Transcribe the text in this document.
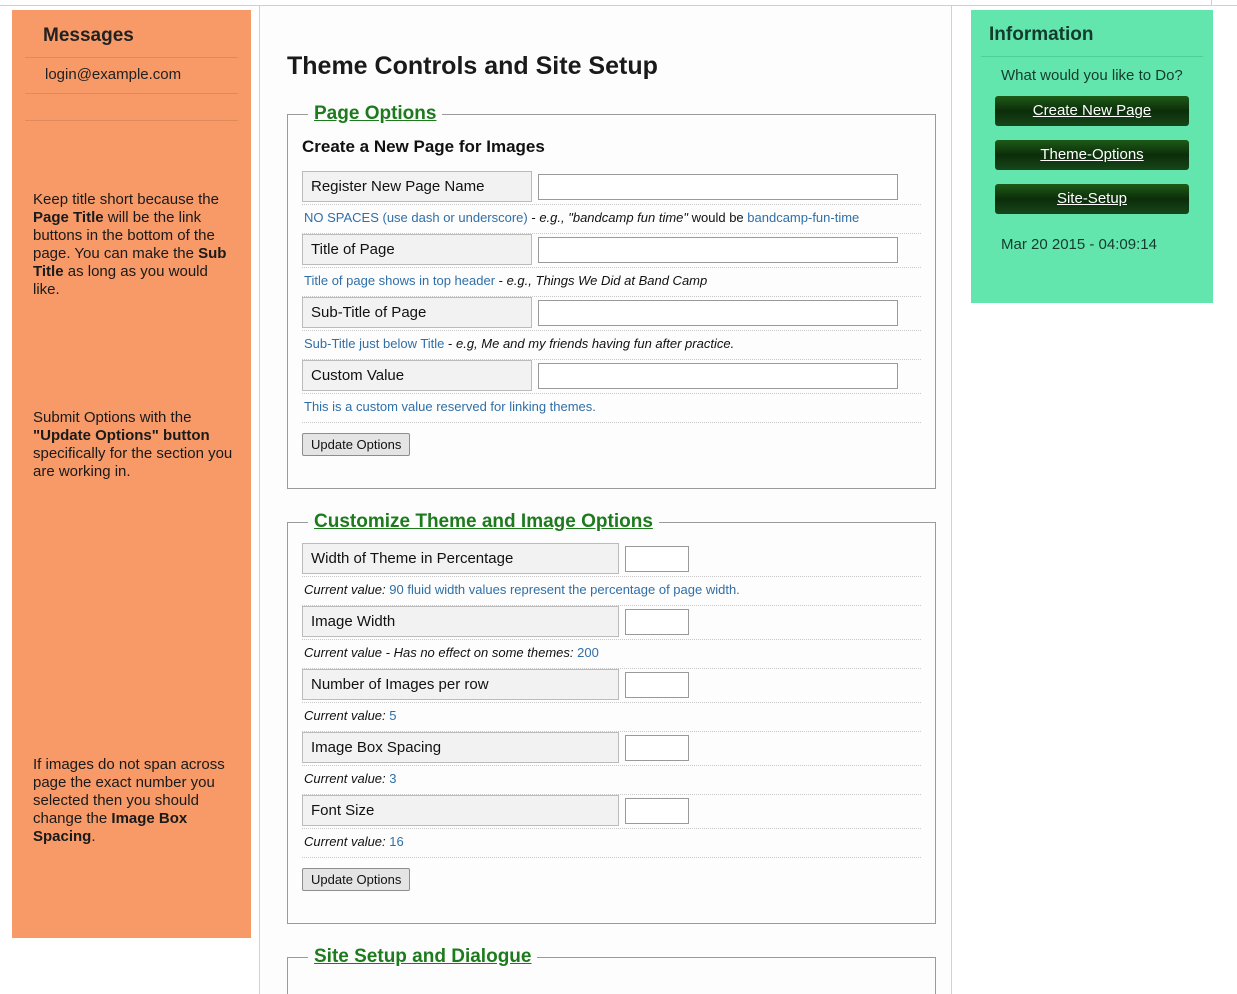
Messages
login@example.com

Keep title short because the Page Title will be the link buttons in the bottom of the page. You can make the Sub Title as long as you would like.

Submit Options with the "Update Options" button specifically for the section you are working in.

If images do not span across page the exact number you selected then you should change the Image Box Spacing.

Theme Controls and Site Setup
Page Options
Create a New Page for Images
Register New Page Name
NO SPACES (use dash or underscore) - e.g., "bandcamp fun time" would be bandcamp-fun-time
Title of Page
Title of page shows in top header - e.g., Things We Did at Band Camp
Sub-Title of Page
Sub-Title just below Title - e.g, Me and my friends having fun after practice.
Custom Value
This is a custom value reserved for linking themes.
Update Options
Customize Theme and Image Options
Width of Theme in Percentage
Current value: 90 fluid width values represent the percentage of page width.
Image Width
Current value - Has no effect on some themes: 200
Number of Images per row
Current value: 5
Image Box Spacing
Current value: 3
Font Size
Current value: 16
Update Options
Site Setup and Dialogue
Information
What would you like to Do?
Create New Page
Theme-Options
Site-Setup
Mar 20 2015 - 04:09:14
